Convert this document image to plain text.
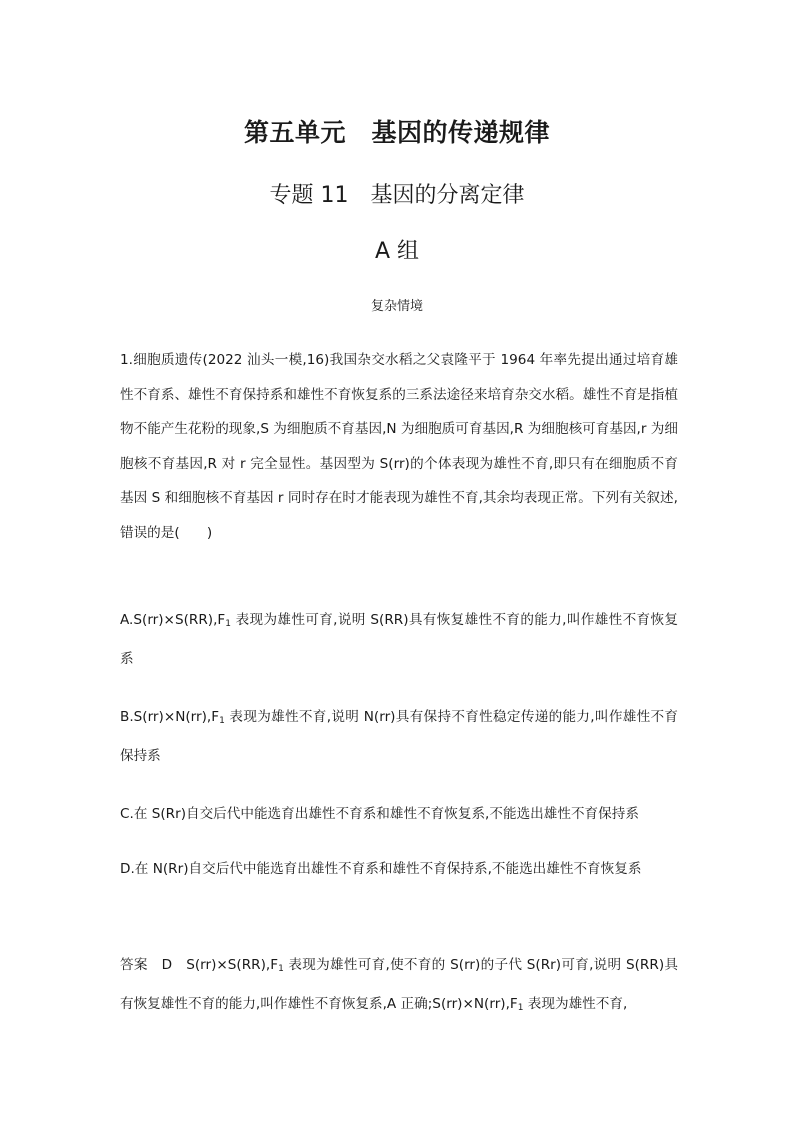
第五单元　基因的传递规律
专题 11　基因的分离定律
A 组
复杂情境
1.细胞质遗传(2022 汕头一模,16)我国杂交水稻之父袁隆平于 1964 年率先提出通过培育雄性不育系、雄性不育保持系和雄性不育恢复系的三系法途径来培育杂交水稻。雄性不育是指植物不能产生花粉的现象,S 为细胞质不育基因,N 为细胞质可育基因,R 为细胞核可育基因,r 为细胞核不育基因,R 对 r 完全显性。基因型为 S(rr)的个体表现为雄性不育,即只有在细胞质不育基因 S 和细胞核不育基因 r 同时存在时才能表现为雄性不育,其余均表现正常。下列有关叙述,错误的是(　　)
$A.S(rr)\times S(RR),F_1$ 表现为雄性可育,说明 S(RR)具有恢复雄性不育的能力,叫作雄性不育恢复系
$B.S(rr)\times N(rr),F_1$ 表现为雄性不育,说明 N(rr)具有保持不育性稳定传递的能力,叫作雄性不育保持系
C.在 S(Rr)自交后代中能选育出雄性不育系和雄性不育恢复系,不能选出雄性不育保持系
D.在 N(Rr)自交后代中能选育出雄性不育系和雄性不育保持系,不能选出雄性不育恢复系
答案　D　$S(rr)\times S(RR),F_1$ 表现为雄性可育,使不育的 S(rr)的子代 S(Rr)可育,说明 S(RR)具有恢复雄性不育的能力,叫作雄性不育恢复系,A 正确$;S(rr)\times N(rr),F_1$ 表现为雄性不育,
